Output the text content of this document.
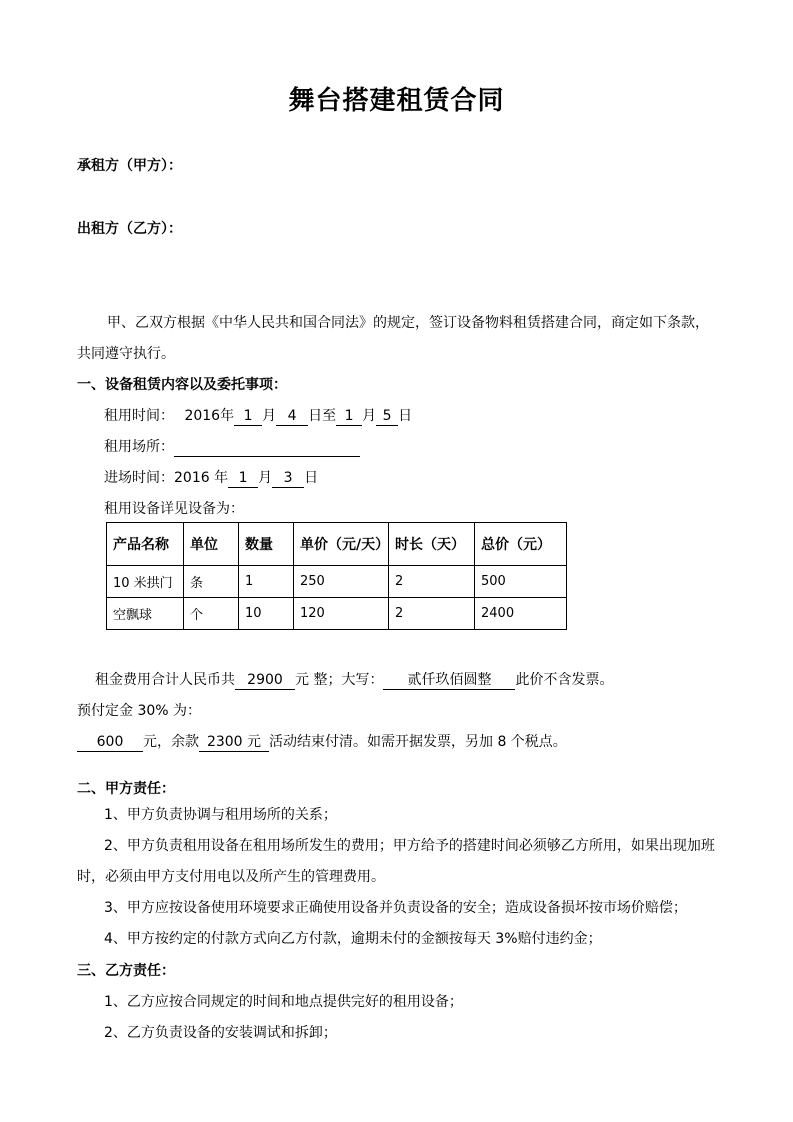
舞台搭建租赁合同
承租方（甲方）：
出租方（乙方）：
甲、乙双方根据《中华人民共和国合同法》的规定，签订设备物料租赁搭建合同，商定如下条款，
共同遵守执行。
一、设备租赁内容以及委托事项：
租用时间： 2016年 1 月 4 日至 1 月 5 日
租用场所：
进场时间：2016 年 1 月 3 日
租用设备详见设备为：
产品名称	单位	数量	单价（元/天）	时长（天）	总价（元）
10 米拱门	条	1	250	2	500
空飘球	个	10	120	2	2400
租金费用合计人民币共 2900 元 整；大写： 贰仟玖佰圆整 此价不含发票。
预付定金 30% 为：
600 元，余款 2300 元 活动结束付清。如需开据发票，另加 8 个税点。
二、甲方责任：
1、甲方负责协调与租用场所的关系；
2、甲方负责租用设备在租用场所发生的费用；甲方给予的搭建时间必须够乙方所用，如果出现加班
时，必须由甲方支付用电以及所产生的管理费用。
3、甲方应按设备使用环境要求正确使用设备并负责设备的安全；造成设备损坏按市场价赔偿；
4、甲方按约定的付款方式向乙方付款，逾期未付的金额按每天 3%赔付违约金；
三、乙方责任：
1、乙方应按合同规定的时间和地点提供完好的租用设备；
2、乙方负责设备的安装调试和拆卸；
